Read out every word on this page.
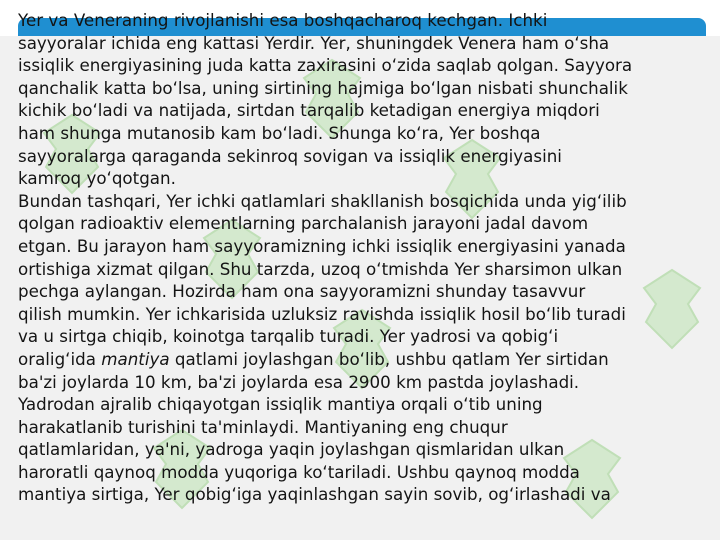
Yer va Veneraning rivojlanishi esa boshqacharoq kechgan. Ichki
sayyoralar ichida eng kattasi Yerdir. Yer, shuningdek Venera ham oʻsha
issiqlik energiyasining juda katta zaxirasini oʻzida saqlab qolgan. Sayyora
qanchalik katta boʻlsa, uning sirtining hajmiga boʻlgan nisbati shunchalik
kichik boʻladi va natijada, sirtdan tarqalib ketadigan energiya miqdori
ham shunga mutanosib kam boʻladi. Shunga koʻra, Yer boshqa
sayyoralarga qaraganda sekinroq sovigan va issiqlik energiyasini
kamroq yoʻqotgan.
Bundan tashqari, Yer ichki qatlamlari shakllanish bosqichida unda yigʻilib
qolgan radioaktiv elementlarning parchalanish jarayoni jadal davom
etgan. Bu jarayon ham sayyoramizning ichki issiqlik energiyasini yanada
ortishiga xizmat qilgan. Shu tarzda, uzoq oʻtmishda Yer sharsimon ulkan
pechga aylangan. Hozirda ham ona sayyoramizni shunday tasavvur
qilish mumkin. Yer ichkarisida uzluksiz ravishda issiqlik hosil boʻlib turadi
va u sirtga chiqib, koinotga tarqalib turadi. Yer yadrosi va qobigʻi
oraligʻida mantiya qatlami joylashgan boʻlib, ushbu qatlam Yer sirtidan
ba'zi joylarda 10 km, ba'zi joylarda esa 2900 km pastda joylashadi.
Yadrodan ajralib chiqayotgan issiqlik mantiya orqali oʻtib uning
harakatlanib turishini ta'minlaydi. Mantiyaning eng chuqur
qatlamlaridan, ya'ni, yadroga yaqin joylashgan qismlaridan ulkan
haroratli qaynoq modda yuqoriga koʻtariladi. Ushbu qaynoq modda
mantiya sirtiga, Yer qobigʻiga yaqinlashgan sayin sovib, ogʻirlashadi va
